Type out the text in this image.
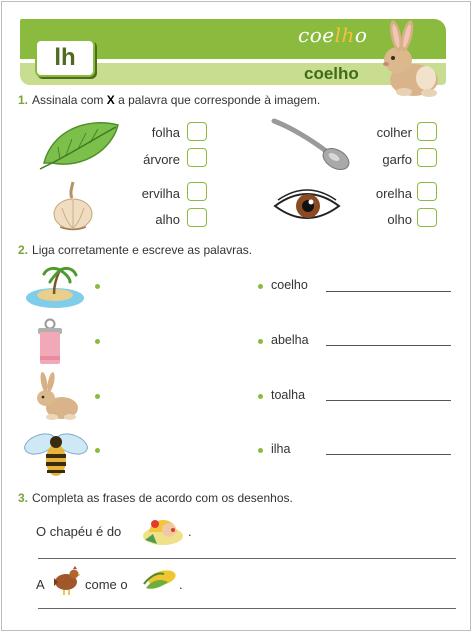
lh
coelho
coelho
1. Assinala com X a palavra que corresponde à imagem.
folha
árvore
colher
garfo
ervilha
alho
orelha
olho
2. Liga corretamente e escreve as palavras.
coelho
abelha
toalha
ilha
3. Completa as frases de acordo com os desenhos.
O chapéu é do	.
A	come o	.
